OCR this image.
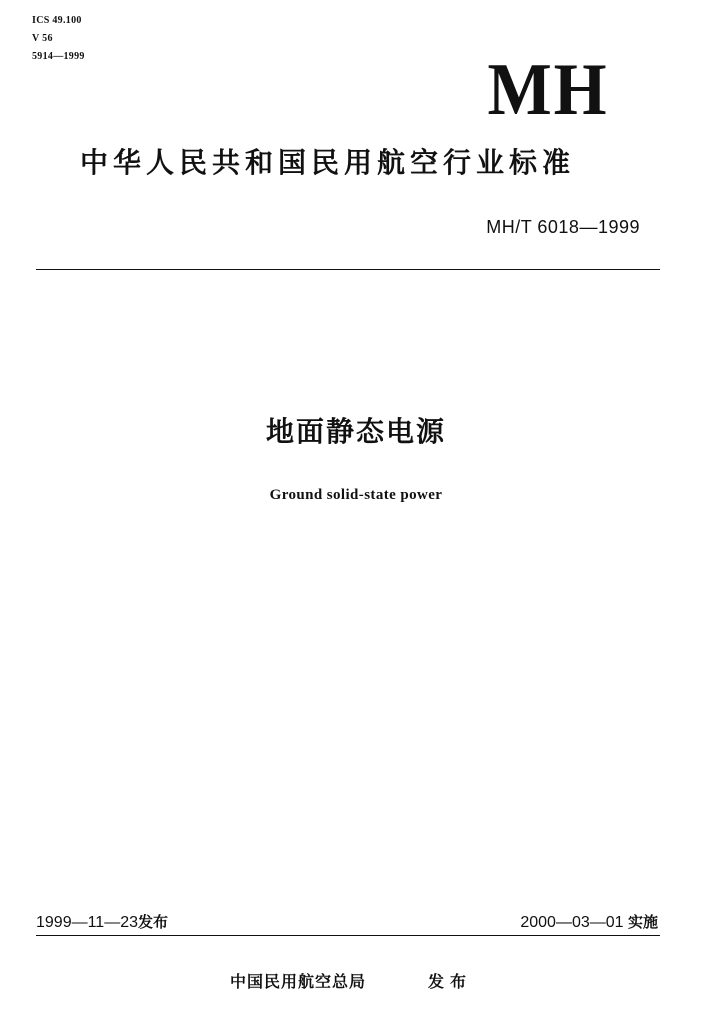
ICS 49.100
V 56
5914—1999	MH
中华人民共和国民用航空行业标准
MH/T 6018—1999
地面静态电源
Ground solid-state power
1999—11—23发布	2000—03—01 实施
中国民用航空总局	发布
